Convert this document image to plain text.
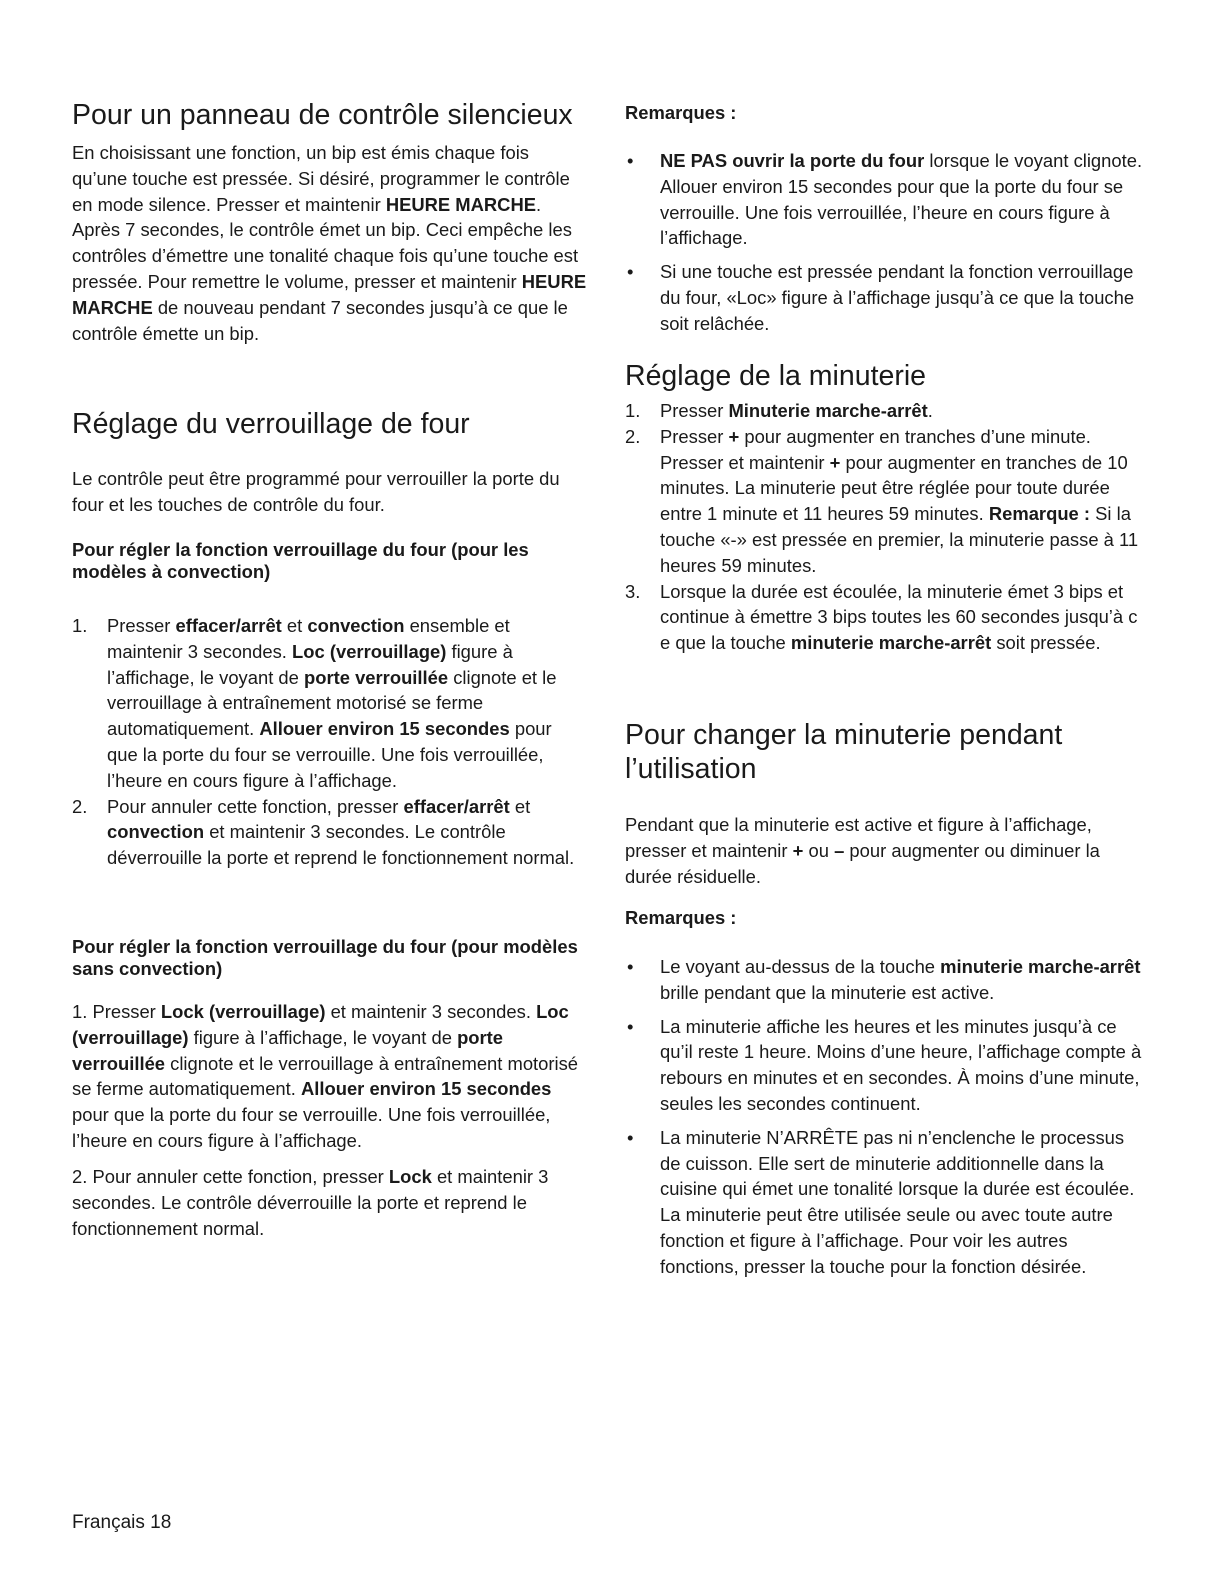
Pour un panneau de contrôle silencieux

En choisissant une fonction, un bip est émis chaque fois qu’une touche est pressée. Si désiré, programmer le contrôle en mode silence. Presser et maintenir HEURE MARCHE. Après 7 secondes, le contrôle émet un bip. Ceci empêche les contrôles d’émettre une tonalité chaque fois qu’une touche est pressée. Pour remettre le volume, presser et maintenir HEURE MARCHE de nouveau pendant 7 secondes jusqu’à ce que le contrôle émette un bip.

Réglage du verrouillage de four

Le contrôle peut être programmé pour verrouiller la porte du four et les touches de contrôle du four.

Pour régler la fonction verrouillage du four (pour les modèles à convection)

1. Presser effacer/arrêt et convection ensemble et maintenir 3 secondes. Loc (verrouillage) figure à l’affichage, le voyant de porte verrouillée clignote et le verrouillage à entraînement motorisé se ferme automatiquement. Allouer environ 15 secondes pour que la porte du four se verrouille. Une fois verrouillée, l’heure en cours figure à l’affichage.
2. Pour annuler cette fonction, presser effacer/arrêt et convection et maintenir 3 secondes. Le contrôle déverrouille la porte et reprend le fonctionnement normal.

Pour régler la fonction verrouillage du four (pour modèles sans convection)

1. Presser Lock (verrouillage) et maintenir 3 secondes. Loc (verrouillage) figure à l’affichage, le voyant de porte verrouillée clignote et le verrouillage à entraînement motorisé se ferme automatiquement. Allouer environ 15 secondes pour que la porte du four se verrouille. Une fois verrouillée, l’heure en cours figure à l’affichage.

2. Pour annuler cette fonction, presser Lock et maintenir 3 secondes. Le contrôle déverrouille la porte et reprend le fonctionnement normal.

Remarques :

• NE PAS ouvrir la porte du four lorsque le voyant clignote. Allouer environ 15 secondes pour que la porte du four se verrouille. Une fois verrouillée, l’heure en cours figure à l’affichage.
• Si une touche est pressée pendant la fonction verrouillage du four, «Loc» figure à l’affichage jusqu’à ce que la touche soit relâchée.
Réglage de la minuterie
1. Presser Minuterie marche-arrêt.
2. Presser + pour augmenter en tranches d’une minute. Presser et maintenir + pour augmenter en tranches de 10 minutes. La minuterie peut être réglée pour toute durée entre 1 minute et 11 heures 59 minutes. Remarque : Si la touche «-» est pressée en premier, la minuterie passe à 11 heures 59 minutes.
3. Lorsque la durée est écoulée, la minuterie émet 3 bips et continue à émettre 3 bips toutes les 60 secondes jusqu’à c e que la touche minuterie marche-arrêt soit pressée.
Pour changer la minuterie pendant l’utilisation

Pendant que la minuterie est active et figure à l’affichage, presser et maintenir + ou – pour augmenter ou diminuer la durée résiduelle.

Remarques :

• Le voyant au-dessus de la touche minuterie marche-arrêt brille pendant que la minuterie est active.
• La minuterie affiche les heures et les minutes jusqu’à ce qu’il reste 1 heure. Moins d’une heure, l’affichage compte à rebours en minutes et en secondes. À moins d’une minute, seules les secondes continuent.
• La minuterie N’ARRÊTE pas ni n’enclenche le processus de cuisson. Elle sert de minuterie additionnelle dans la cuisine qui émet une tonalité lorsque la durée est écoulée. La minuterie peut être utilisée seule ou avec toute autre fonction et figure à l’affichage. Pour voir les autres fonctions, presser la touche pour la fonction désirée.
Français 18
